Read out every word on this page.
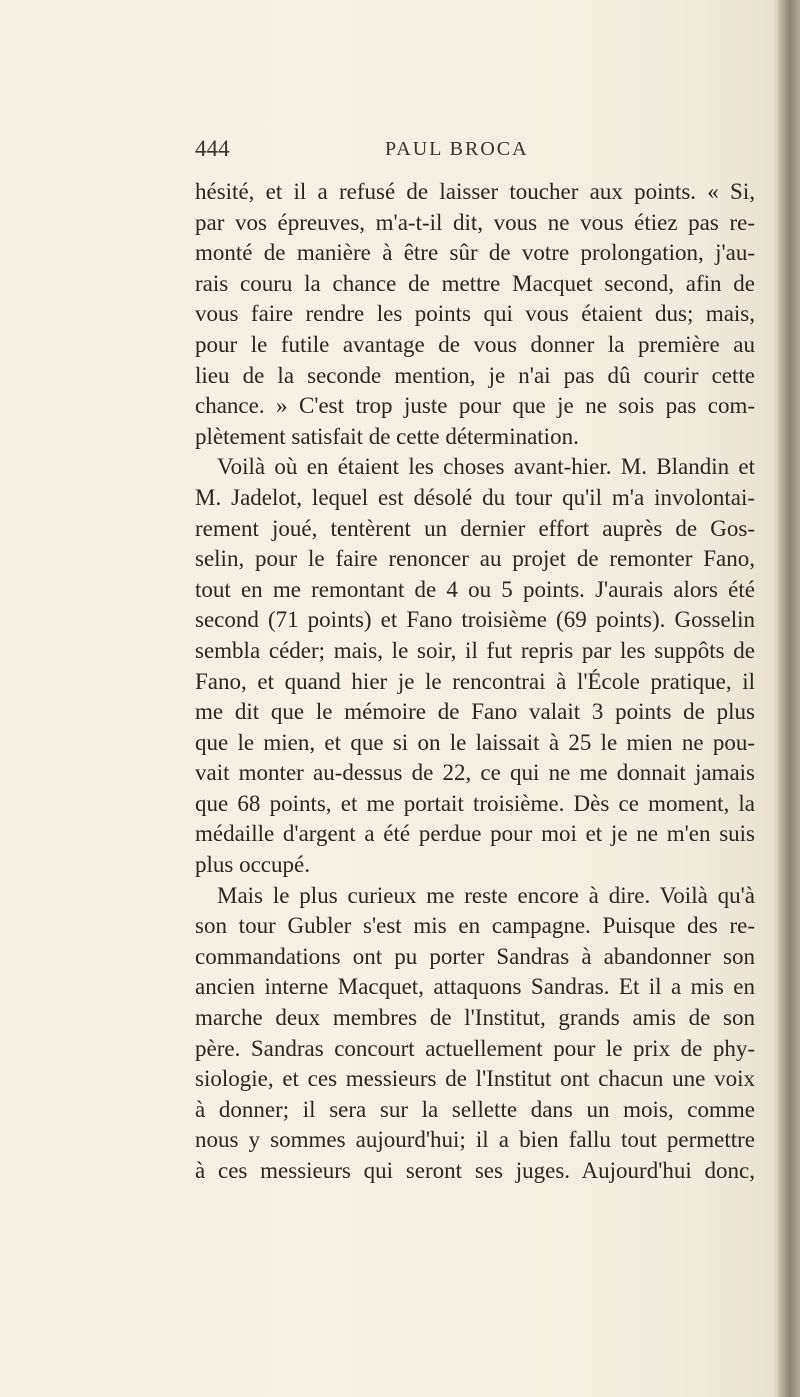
444	PAUL BROCA
hésité, et il a refusé de laisser toucher aux points. « Si,
par vos épreuves, m'a-t-il dit, vous ne vous étiez pas re-
monté de manière à être sûr de votre prolongation, j'au-
rais couru la chance de mettre Macquet second, afin de
vous faire rendre les points qui vous étaient dus; mais,
pour le futile avantage de vous donner la première au
lieu de la seconde mention, je n'ai pas dû courir cette
chance. » C'est trop juste pour que je ne sois pas com-
plètement satisfait de cette détermination.
Voilà où en étaient les choses avant-hier. M. Blandin et
M. Jadelot, lequel est désolé du tour qu'il m'a involontai-
rement joué, tentèrent un dernier effort auprès de Gos-
selin, pour le faire renoncer au projet de remonter Fano,
tout en me remontant de 4 ou 5 points. J'aurais alors été
second (71 points) et Fano troisième (69 points). Gosselin
sembla céder; mais, le soir, il fut repris par les suppôts de
Fano, et quand hier je le rencontrai à l'École pratique, il
me dit que le mémoire de Fano valait 3 points de plus
que le mien, et que si on le laissait à 25 le mien ne pou-
vait monter au-dessus de 22, ce qui ne me donnait jamais
que 68 points, et me portait troisième. Dès ce moment, la
médaille d'argent a été perdue pour moi et je ne m'en suis
plus occupé.
Mais le plus curieux me reste encore à dire. Voilà qu'à
son tour Gubler s'est mis en campagne. Puisque des re-
commandations ont pu porter Sandras à abandonner son
ancien interne Macquet, attaquons Sandras. Et il a mis en
marche deux membres de l'Institut, grands amis de son
père. Sandras concourt actuellement pour le prix de phy-
siologie, et ces messieurs de l'Institut ont chacun une voix
à donner; il sera sur la sellette dans un mois, comme
nous y sommes aujourd'hui; il a bien fallu tout permettre
à ces messieurs qui seront ses juges. Aujourd'hui donc,
